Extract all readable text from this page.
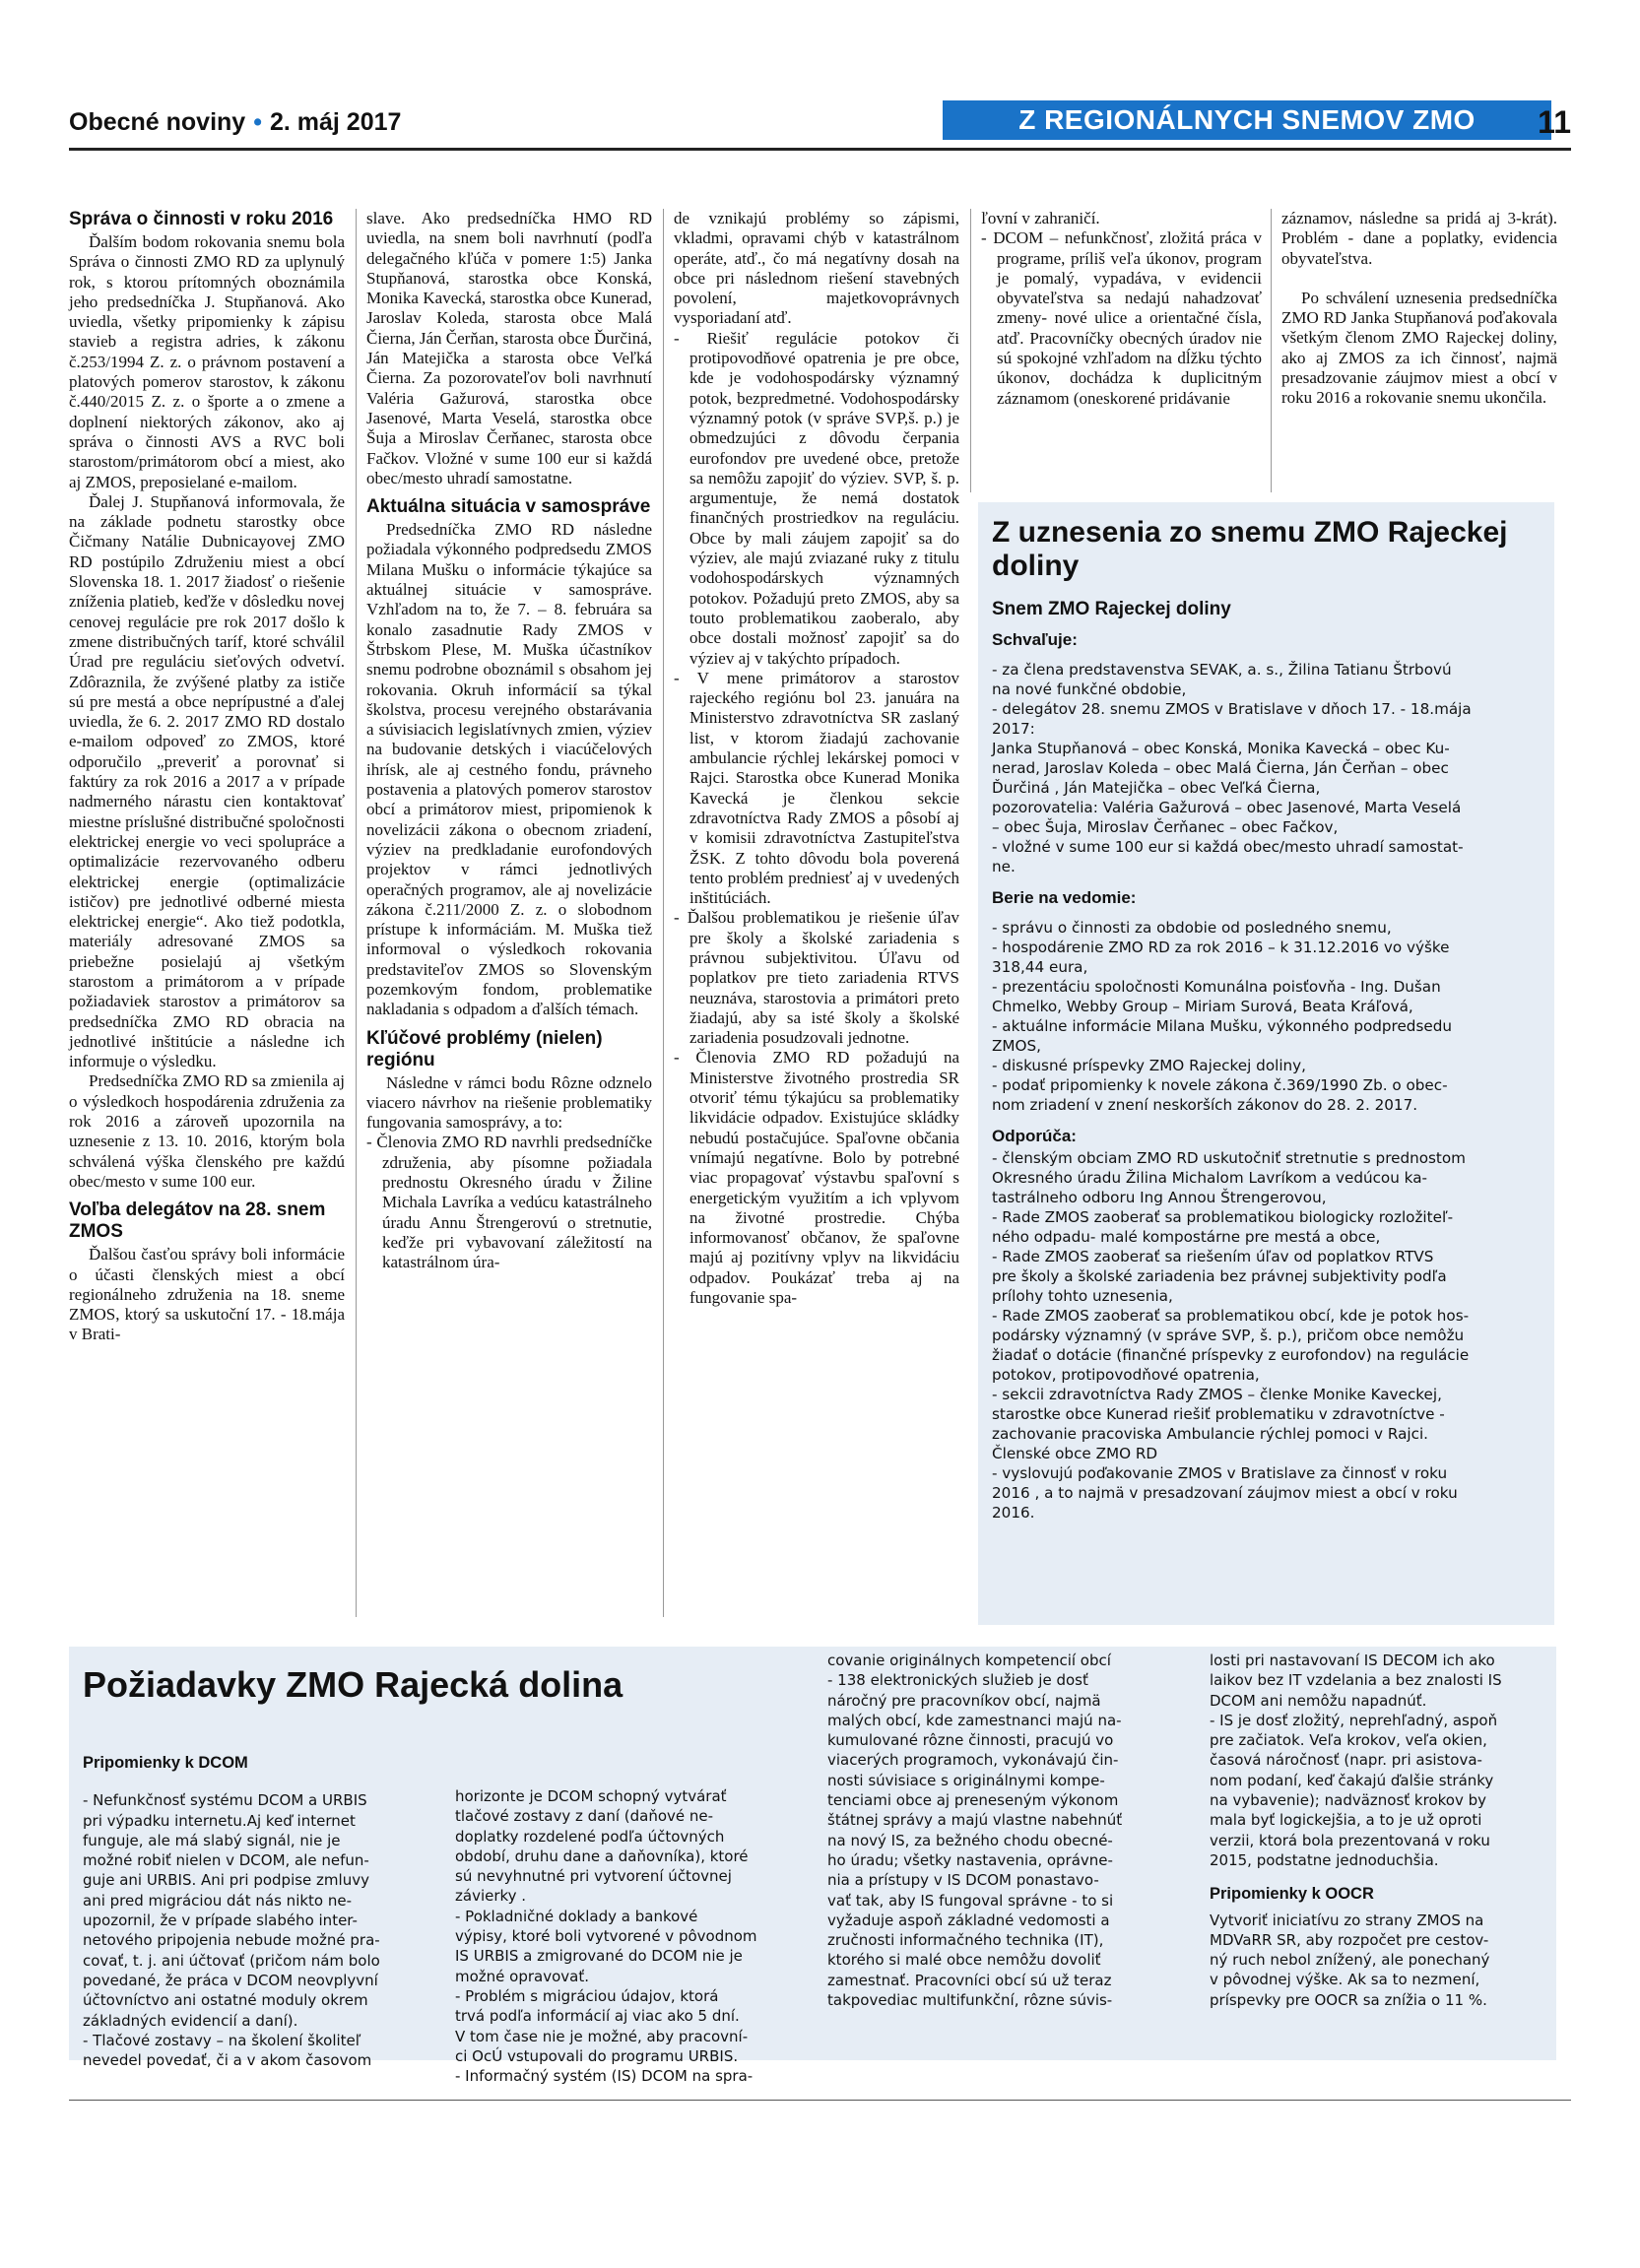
Obecné noviny • 2. máj 2017	Z REGIONÁLNYCH SNEMOV ZMO	11
Správa o činnosti v roku 2016

Ďalším bodom rokovania snemu bola Správa o činnosti ZMO RD za uplynulý rok, s ktorou prítomných oboznámila jeho predsedníčka J. Stupňanová. Ako uviedla, všetky pripomienky k zápisu stavieb a registra adries, k zákonu č.253/1994 Z. z. o právnom postavení a platových pomerov starostov, k zákonu č.440/2015 Z. z. o športe a o zmene a doplnení niektorých zákonov, ako aj správa o činnosti AVS a RVC boli starostom/primátorom obcí a miest, ako aj ZMOS, preposielané e-mailom.

Ďalej J. Stupňanová informovala, že na základe podnetu starostky obce Čičmany Natálie Dubnicayovej ZMO RD postúpilo Združeniu miest a obcí Slovenska 18. 1. 2017 žiadosť o riešenie zníženia platieb, keďže v dôsledku novej cenovej regulácie pre rok 2017 došlo k zmene distribučných taríf, ktoré schválil Úrad pre reguláciu sieťových odvetví. Zdôraznila, že zvýšené platby za ističe sú pre mestá a obce neprípustné a ďalej uviedla, že 6. 2. 2017 ZMO RD dostalo e-mailom odpoveď zo ZMOS, ktoré odporučilo „preveriť a porovnať si faktúry za rok 2016 a 2017 a v prípade nadmerného nárastu cien kontaktovať miestne príslušné distribučné spoločnosti elektrickej energie vo veci spolupráce a optimalizácie rezervovaného odberu elektrickej energie (optimalizácie ističov) pre jednotlivé odberné miesta elektrickej energie“. Ako tiež podotkla, materiály adresované ZMOS sa priebežne posielajú aj všetkým starostom a primátorom a v prípade požiadaviek starostov a primátorov sa predsedníčka ZMO RD obracia na jednotlivé inštitúcie a následne ich informuje o výsledku.

Predsedníčka ZMO RD sa zmienila aj o výsledkoch hospodárenia združenia za rok 2016 a zároveň upozornila na uznesenie z 13. 10. 2016, ktorým bola schválená výška členského pre každú obec/mesto v sume 100 eur.

Voľba delegátov na 28. snem ZMOS

Ďalšou časťou správy boli informácie o účasti členských miest a obcí regionálneho združenia na 18. sneme ZMOS, ktorý sa uskutoční 17. - 18.mája v Brati-

slave. Ako predsedníčka HMO RD uviedla, na snem boli navrhnutí (podľa delegačného kľúča v pomere 1:5) Janka Stupňanová, starostka obce Konská, Monika Kavecká, starostka obce Kunerad, Jaroslav Koleda, starosta obce Malá Čierna, Ján Čerňan, starosta obce Ďurčiná, Ján Matejička a starosta obce Veľká Čierna. Za pozorovateľov boli navrhnutí Valéria Gažurová, starostka obce Jasenové, Marta Veselá, starostka obce Šuja a Miroslav Čerňanec, starosta obce Fačkov. Vložné v sume 100 eur si každá obec/mesto uhradí samostatne.

Aktuálna situácia v samospráve

Predsedníčka ZMO RD následne požiadala výkonného podpredsedu ZMOS Milana Mušku o informácie týkajúce sa aktuálnej situácie v samospráve. Vzhľadom na to, že 7. – 8. februára sa konalo zasadnutie Rady ZMOS v Štrbskom Plese, M. Muška účastníkov snemu podrobne oboznámil s obsahom jej rokovania. Okruh informácií sa týkal školstva, procesu verejného obstarávania a súvisiacich legislatívnych zmien, výziev na budovanie detských i viacúčelových ihrísk, ale aj cestného fondu, právneho postavenia a platových pomerov starostov obcí a primátorov miest, pripomienok k novelizácii zákona o obecnom zriadení, výziev na predkladanie eurofondových projektov v rámci jednotlivých operačných programov, ale aj novelizácie zákona č.211/2000 Z. z. o slobodnom prístupe k informáciám. M. Muška tiež informoval o výsledkoch rokovania predstaviteľov ZMOS so Slovenským pozemkovým fondom, problematike nakladania s odpadom a ďalších témach.

Kľúčové problémy (nielen) regiónu

Následne v rámci bodu Rôzne odznelo viacero návrhov na riešenie problematiky fungovania samosprávy, a to:

- Členovia ZMO RD navrhli predsedníčke združenia, aby písomne požiadala prednostu Okresného úradu v Žiline Michala Lavríka a vedúcu katastrálneho úradu Annu Štrengerovú o stretnutie, keďže pri vybavovaní záležitostí na katastrálnom úra-

de vznikajú problémy so zápismi, vkladmi, opravami chýb v katastrálnom operáte, atď., čo má negatívny dosah na obce pri následnom riešení stavebných povolení, majetkovoprávnych vysporiadaní atď.

- Riešiť regulácie potokov či protipovodňové opatrenia je pre obce, kde je vodohospodársky významný potok, bezpredmetné. Vodohospodársky významný potok (v správe SVP,š. p.) je obmedzujúci z dôvodu čerpania eurofondov pre uvedené obce, pretože sa nemôžu zapojiť do výziev. SVP, š. p. argumentuje, že nemá dostatok finančných prostriedkov na reguláciu. Obce by mali záujem zapojiť sa do výziev, ale majú zviazané ruky z titulu vodohospodárskych významných potokov. Požadujú preto ZMOS, aby sa touto problematikou zaoberalo, aby obce dostali možnosť zapojiť sa do výziev aj v takýchto prípadoch.
- V mene primátorov a starostov rajeckého regiónu bol 23. januára na Ministerstvo zdravotníctva SR zaslaný list, v ktorom žiadajú zachovanie ambulancie rýchlej lekárskej pomoci v Rajci. Starostka obce Kunerad Monika Kavecká je členkou sekcie zdravotníctva Rady ZMOS a pôsobí aj v komisii zdravotníctva Zastupiteľstva ŽSK. Z tohto dôvodu bola poverená tento problém predniesť aj v uvedených inštitúciách.
- Ďalšou problematikou je riešenie úľav pre školy a školské zariadenia s právnou subjektivitou. Úľavu od poplatkov pre tieto zariadenia RTVS neuznáva, starostovia a primátori preto žiadajú, aby sa isté školy a školské zariadenia posudzovali jednotne.
- Členovia ZMO RD požadujú na Ministerstve životného prostredia SR otvoriť tému týkajúcu sa problematiky likvidácie odpadov. Existujúce skládky nebudú postačujúce. Spaľovne občania vnímajú negatívne. Bolo by potrebné viac propagovať výstavbu spaľovní s energetickým využitím a ich vplyvom na životné prostredie. Chýba informovanosť občanov, že spaľovne majú aj pozitívny vplyv na likvidáciu odpadov. Poukázať treba aj na fungovanie spa-

ľovní v zahraničí.

- DCOM – nefunkčnosť, zložitá práca v programe, príliš veľa úkonov, program je pomalý, vypadáva, v evidencii obyvateľstva sa nedajú nahadzovať zmeny- nové ulice a orientačné čísla, atď. Pracovníčky obecných úradov nie sú spokojné vzhľadom na dĺžku týchto úkonov, dochádza k duplicitným záznamom (oneskorené pridávanie

záznamov, následne sa pridá aj 3-krát). Problém - dane a poplatky, evidencia obyvateľstva.

Po schválení uznesenia predsedníčka ZMO RD Janka Stupňanová poďakovala všetkým členom ZMO Rajeckej doliny, ako aj ZMOS za ich činnosť, najmä presadzovanie záujmov miest a obcí v roku 2016 a rokovanie snemu ukončila.

Z uznesenia zo snemu ZMO Rajeckej doliny
Snem ZMO Rajeckej doliny
Schvaľuje:
- za člena predstavenstva SEVAK, a. s., Žilina Tatianu Štrbovú
na nové funkčné obdobie,
- delegátov 28. snemu ZMOS v Bratislave v dňoch 17. - 18.mája
2017:
Janka Stupňanová – obec Konská, Monika Kavecká – obec Ku-
nerad, Jaroslav Koleda – obec Malá Čierna, Ján Čerňan – obec
Ďurčiná , Ján Matejička – obec Veľká Čierna,
pozorovatelia: Valéria Gažurová – obec Jasenové, Marta Veselá
– obec Šuja, Miroslav Čerňanec – obec Fačkov,
- vložné v sume 100 eur si každá obec/mesto uhradí samostat-
ne.
Berie na vedomie:
- správu o činnosti za obdobie od posledného snemu,
- hospodárenie ZMO RD za rok 2016 – k 31.12.2016 vo výške
318,44 eura,
- prezentáciu spoločnosti Komunálna poisťovňa - Ing. Dušan
Chmelko, Webby Group – Miriam Surová, Beata Kráľová,
- aktuálne informácie Milana Mušku, výkonného podpredsedu
ZMOS,
- diskusné príspevky ZMO Rajeckej doliny,
- podať pripomienky k novele zákona č.369/1990 Zb. o obec-
nom zriadení v znení neskorších zákonov do 28. 2. 2017.
Odporúča:
- členským obciam ZMO RD uskutočniť stretnutie s prednostom
Okresného úradu Žilina Michalom Lavríkom a vedúcou ka-
tastrálneho odboru Ing Annou Štrengerovou,
- Rade ZMOS zaoberať sa problematikou biologicky rozložiteľ-
ného odpadu- malé kompostárne pre mestá a obce,
- Rade ZMOS zaoberať sa riešením úľav od poplatkov RTVS
pre školy a školské zariadenia bez právnej subjektivity podľa
prílohy tohto uznesenia,
- Rade ZMOS zaoberať sa problematikou obcí, kde je potok hos-
podársky významný (v správe SVP, š. p.), pričom obce nemôžu
žiadať o dotácie (finančné príspevky z eurofondov) na regulácie
potokov, protipovodňové opatrenia,
- sekcii zdravotníctva Rady ZMOS – členke Monike Kaveckej,
starostke obce Kunerad riešiť problematiku v zdravotníctve -
zachovanie pracoviska Ambulancie rýchlej pomoci v Rajci.
Členské obce ZMO RD
- vyslovujú poďakovanie ZMOS v Bratislave za činnosť v roku
2016 , a to najmä v presadzovaní záujmov miest a obcí v roku
2016.
Požiadavky ZMO Rajecká dolina
Pripomienky k DCOM
- Nefunkčnosť systému DCOM a URBIS
pri výpadku internetu.Aj keď internet
funguje, ale má slabý signál, nie je
možné robiť nielen v DCOM, ale nefun-
guje ani URBIS. Ani pri podpise zmluvy
ani pred migráciou dát nás nikto ne-
upozornil, že v prípade slabého inter-
netového pripojenia nebude možné pra-
covať, t. j. ani účtovať (pričom nám bolo
povedané, že práca v DCOM neovplyvní
účtovníctvo ani ostatné moduly okrem
základných evidencií a daní).
- Tlačové zostavy – na školení školiteľ
nevedel povedať, či a v akom časovom
horizonte je DCOM schopný vytvárať
tlačové zostavy z daní (daňové ne-
doplatky rozdelené podľa účtovných
období, druhu dane a daňovníka), ktoré
sú nevyhnutné pri vytvorení účtovnej
závierky .
- Pokladničné doklady a bankové
výpisy, ktoré boli vytvorené v pôvodnom
IS URBIS a zmigrované do DCOM nie je
možné opravovať.
- Problém s migráciou údajov, ktorá
trvá podľa informácií aj viac ako 5 dní.
V tom čase nie je možné, aby pracovní-
ci OcÚ vstupovali do programu URBIS.
- Informačný systém (IS) DCOM na spra-
covanie originálnych kompetencií obcí
- 138 elektronických služieb je dosť
náročný pre pracovníkov obcí, najmä
malých obcí, kde zamestnanci majú na-
kumulované rôzne činnosti, pracujú vo
viacerých programoch, vykonávajú čin-
nosti súvisiace s originálnymi kompe-
tenciami obce aj preneseným výkonom
štátnej správy a majú vlastne nabehnúť
na nový IS, za bežného chodu obecné-
ho úradu; všetky nastavenia, oprávne-
nia a prístupy v IS DCOM ponastavo-
vať tak, aby IS fungoval správne - to si
vyžaduje aspoň základné vedomosti a
zručnosti informačného technika (IT),
ktorého si malé obce nemôžu dovoliť
zamestnať. Pracovníci obcí sú už teraz
takpovediac multifunkční, rôzne súvis-
losti pri nastavovaní IS DECOM ich ako
laikov bez IT vzdelania a bez znalosti IS
DCOM ani nemôžu napadnúť.
- IS je dosť zložitý, neprehľadný, aspoň
pre začiatok. Veľa krokov, veľa okien,
časová náročnosť (napr. pri asistova-
nom podaní, keď čakajú ďalšie stránky
na vybavenie); nadväznosť krokov by
mala byť logickejšia, a to je už oproti
verzii, ktorá bola prezentovaná v roku
2015, podstatne jednoduchšia.
Pripomienky k OOCR
Vytvoriť iniciatívu zo strany ZMOS na
MDVaRR SR, aby rozpočet pre cestov-
ný ruch nebol znížený, ale ponechaný
v pôvodnej výške. Ak sa to nezmení,
príspevky pre OOCR sa znížia o 11 %.
